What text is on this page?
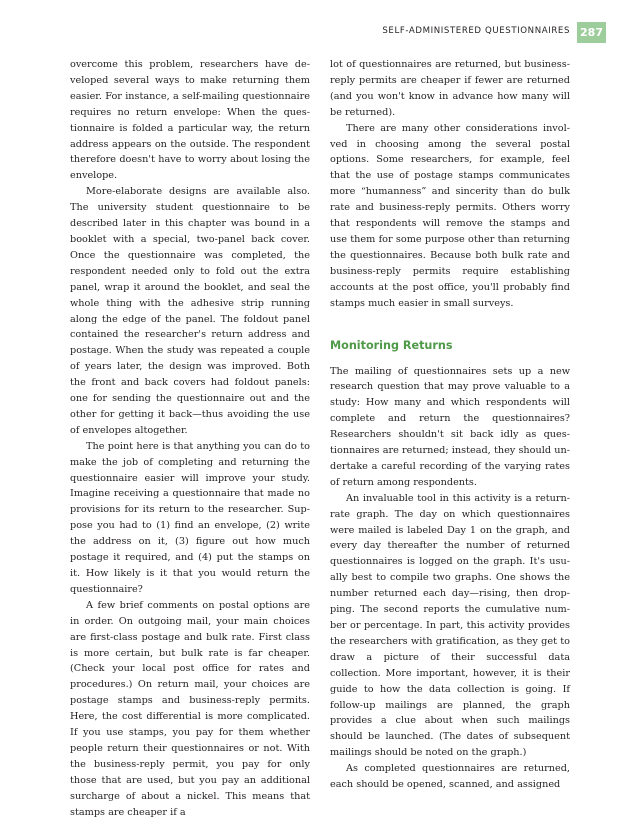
SELF-ADMINISTERED QUESTIONNAIRES 287

overcome this problem, researchers have developed several ways to make returning them easier. For instance, a self-mailing questionnaire requires no return envelope: When the questionnaire is folded a particular way, the return address appears on the outside. The respondent therefore doesn't have to worry about losing the envelope.

More-elaborate designs are available also. The university student questionnaire to be described later in this chapter was bound in a booklet with a special, two-panel back cover. Once the questionnaire was completed, the respondent needed only to fold out the extra panel, wrap it around the booklet, and seal the whole thing with the adhesive strip running along the edge of the panel. The foldout panel contained the researcher's return address and postage. When the study was repeated a couple of years later, the design was improved. Both the front and back covers had foldout panels: one for sending the questionnaire out and the other for getting it back—thus avoiding the use of envelopes altogether.

The point here is that anything you can do to make the job of completing and returning the questionnaire easier will improve your study. Imagine receiving a questionnaire that made no provisions for its return to the researcher. Suppose you had to (1) find an envelope, (2) write the address on it, (3) figure out how much postage it required, and (4) put the stamps on it. How likely is it that you would return the questionnaire?

A few brief comments on postal options are in order. On outgoing mail, your main choices are first-class postage and bulk rate. First class is more certain, but bulk rate is far cheaper. (Check your local post office for rates and procedures.) On return mail, your choices are postage stamps and business-reply permits. Here, the cost differential is more complicated. If you use stamps, you pay for them whether people return their questionnaires or not. With the business-reply permit, you pay for only those that are used, but you pay an additional surcharge of about a nickel. This means that stamps are cheaper if a

lot of questionnaires are returned, but business-reply permits are cheaper if fewer are returned (and you won't know in advance how many will be returned).

There are many other considerations involved in choosing among the several postal options. Some researchers, for example, feel that the use of postage stamps communicates more “humanness” and sincerity than do bulk rate and business-reply permits. Others worry that respondents will remove the stamps and use them for some purpose other than returning the questionnaires. Because both bulk rate and business-reply permits require establishing accounts at the post office, you'll probably find stamps much easier in small surveys.

Monitoring Returns

The mailing of questionnaires sets up a new research question that may prove valuable to a study: How many and which respondents will complete and return the questionnaires? Researchers shouldn't sit back idly as questionnaires are returned; instead, they should undertake a careful recording of the varying rates of return among respondents.

An invaluable tool in this activity is a return-rate graph. The day on which questionnaires were mailed is labeled Day 1 on the graph, and every day thereafter the number of returned questionnaires is logged on the graph. It's usually best to compile two graphs. One shows the number returned each day—rising, then dropping. The second reports the cumulative number or percentage. In part, this activity provides the researchers with gratification, as they get to draw a picture of their successful data collection. More important, however, it is their guide to how the data collection is going. If follow-up mailings are planned, the graph provides a clue about when such mailings should be launched. (The dates of subsequent mailings should be noted on the graph.)

As completed questionnaires are returned, each should be opened, scanned, and assigned
